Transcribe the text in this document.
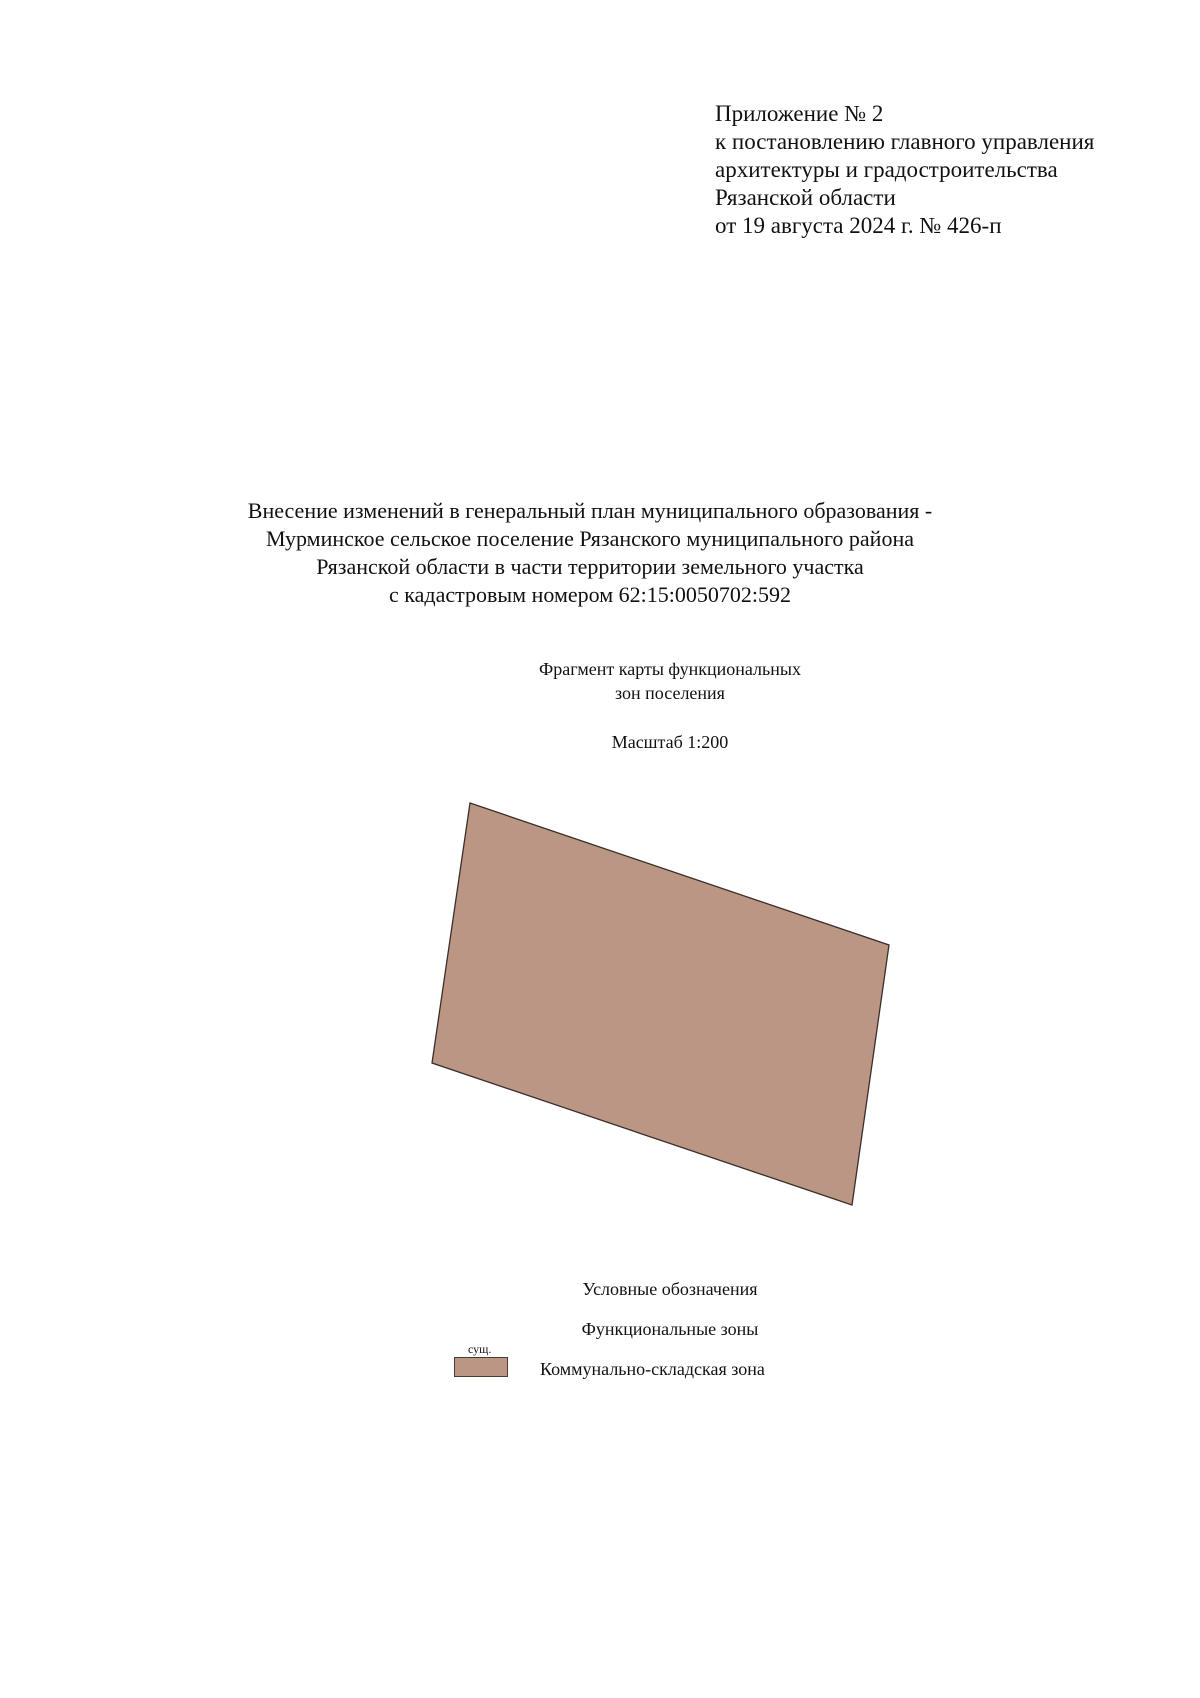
Приложение № 2
к постановлению главного управления
архитектуры и градостроительства
Рязанской области
от 19 августа 2024 г. № 426-п
Внесение изменений в генеральный план муниципального образования -
Мурминское сельское поселение Рязанского муниципального района
Рязанской области в части территории земельного участка
с кадастровым номером 62:15:0050702:592
Фрагмент карты функциональных
зон поселения
Масштаб 1:200
Условные обозначения
Функциональные зоны
сущ.
Коммунально-складская зона
